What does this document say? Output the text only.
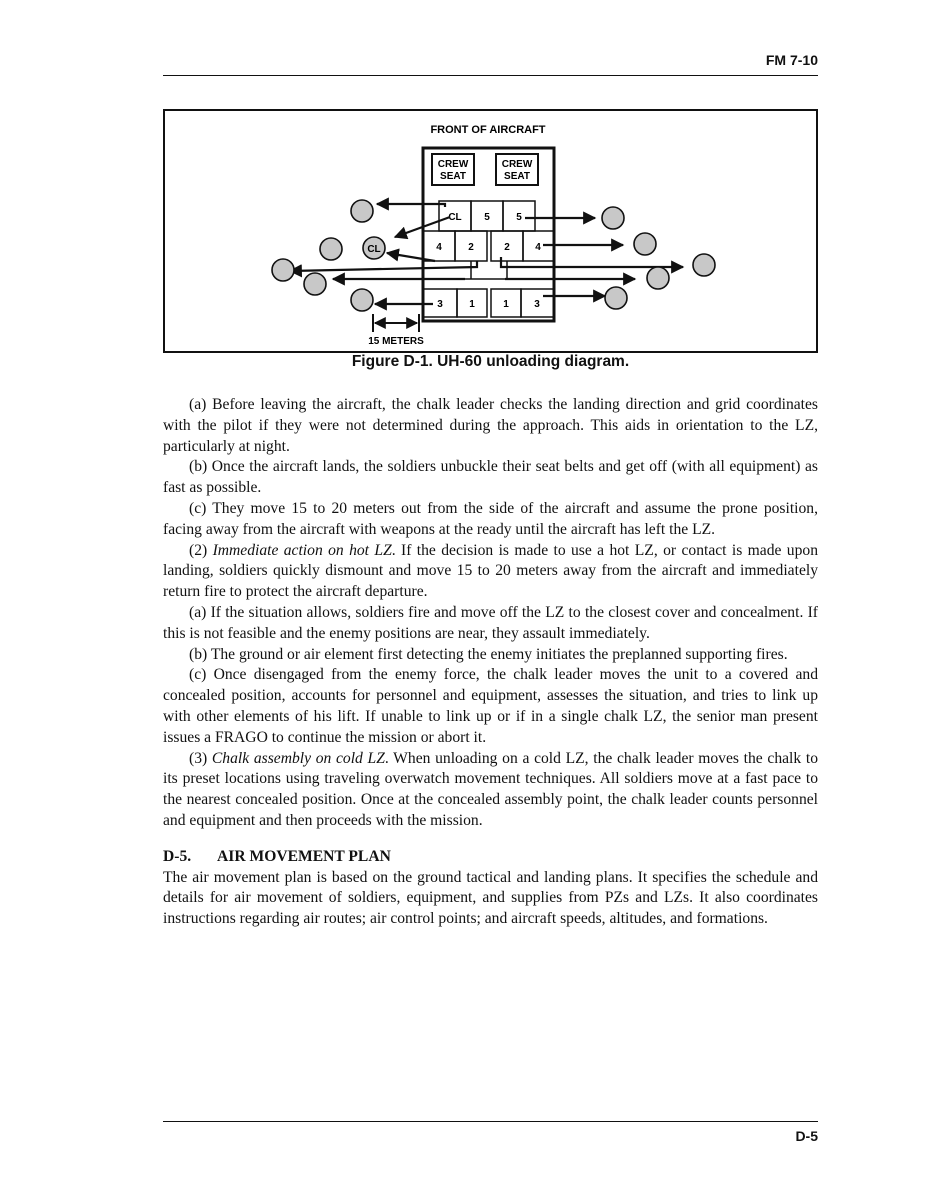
FM 7-10
FRONT OF AIRCRAFT
CREW
SEAT
CREW
SEAT
CL 5	5
4	2	2	4
3	1	1	3
CL
15 METERS
Figure D-1. UH-60 unloading diagram.

(a) Before leaving the aircraft, the chalk leader checks the landing direction and grid coordinates with the pilot if they were not determined during the approach. This aids in orientation to the LZ, particularly at night.

(b) Once the aircraft lands, the soldiers unbuckle their seat belts and get off (with all equipment) as fast as possible.

(c) They move 15 to 20 meters out from the side of the aircraft and assume the prone position, facing away from the aircraft with weapons at the ready until the aircraft has left the LZ.

(2) Immediate action on hot LZ. If the decision is made to use a hot LZ, or contact is made upon landing, soldiers quickly dismount and move 15 to 20 meters away from the aircraft and immediately return fire to protect the aircraft departure.

(a) If the situation allows, soldiers fire and move off the LZ to the closest cover and concealment. If this is not feasible and the enemy positions are near, they assault immediately.

(b) The ground or air element first detecting the enemy initiates the preplanned supporting fires.

(c) Once disengaged from the enemy force, the chalk leader moves the unit to a covered and concealed position, accounts for personnel and equipment, assesses the situation, and tries to link up with other elements of his lift. If unable to link up or if in a single chalk LZ, the senior man present issues a FRAGO to continue the mission or abort it.

(3) Chalk assembly on cold LZ. When unloading on a cold LZ, the chalk leader moves the chalk to its preset locations using traveling overwatch movement techniques. All soldiers move at a fast pace to the nearest concealed position. Once at the concealed assembly point, the chalk leader counts personnel and equipment and then proceeds with the mission.

D-5. AIR MOVEMENT PLAN

The air movement plan is based on the ground tactical and landing plans. It specifies the schedule and details for air movement of soldiers, equipment, and supplies from PZs and LZs. It also coordinates instructions regarding air routes; air control points; and aircraft speeds, altitudes, and formations.

D-5
